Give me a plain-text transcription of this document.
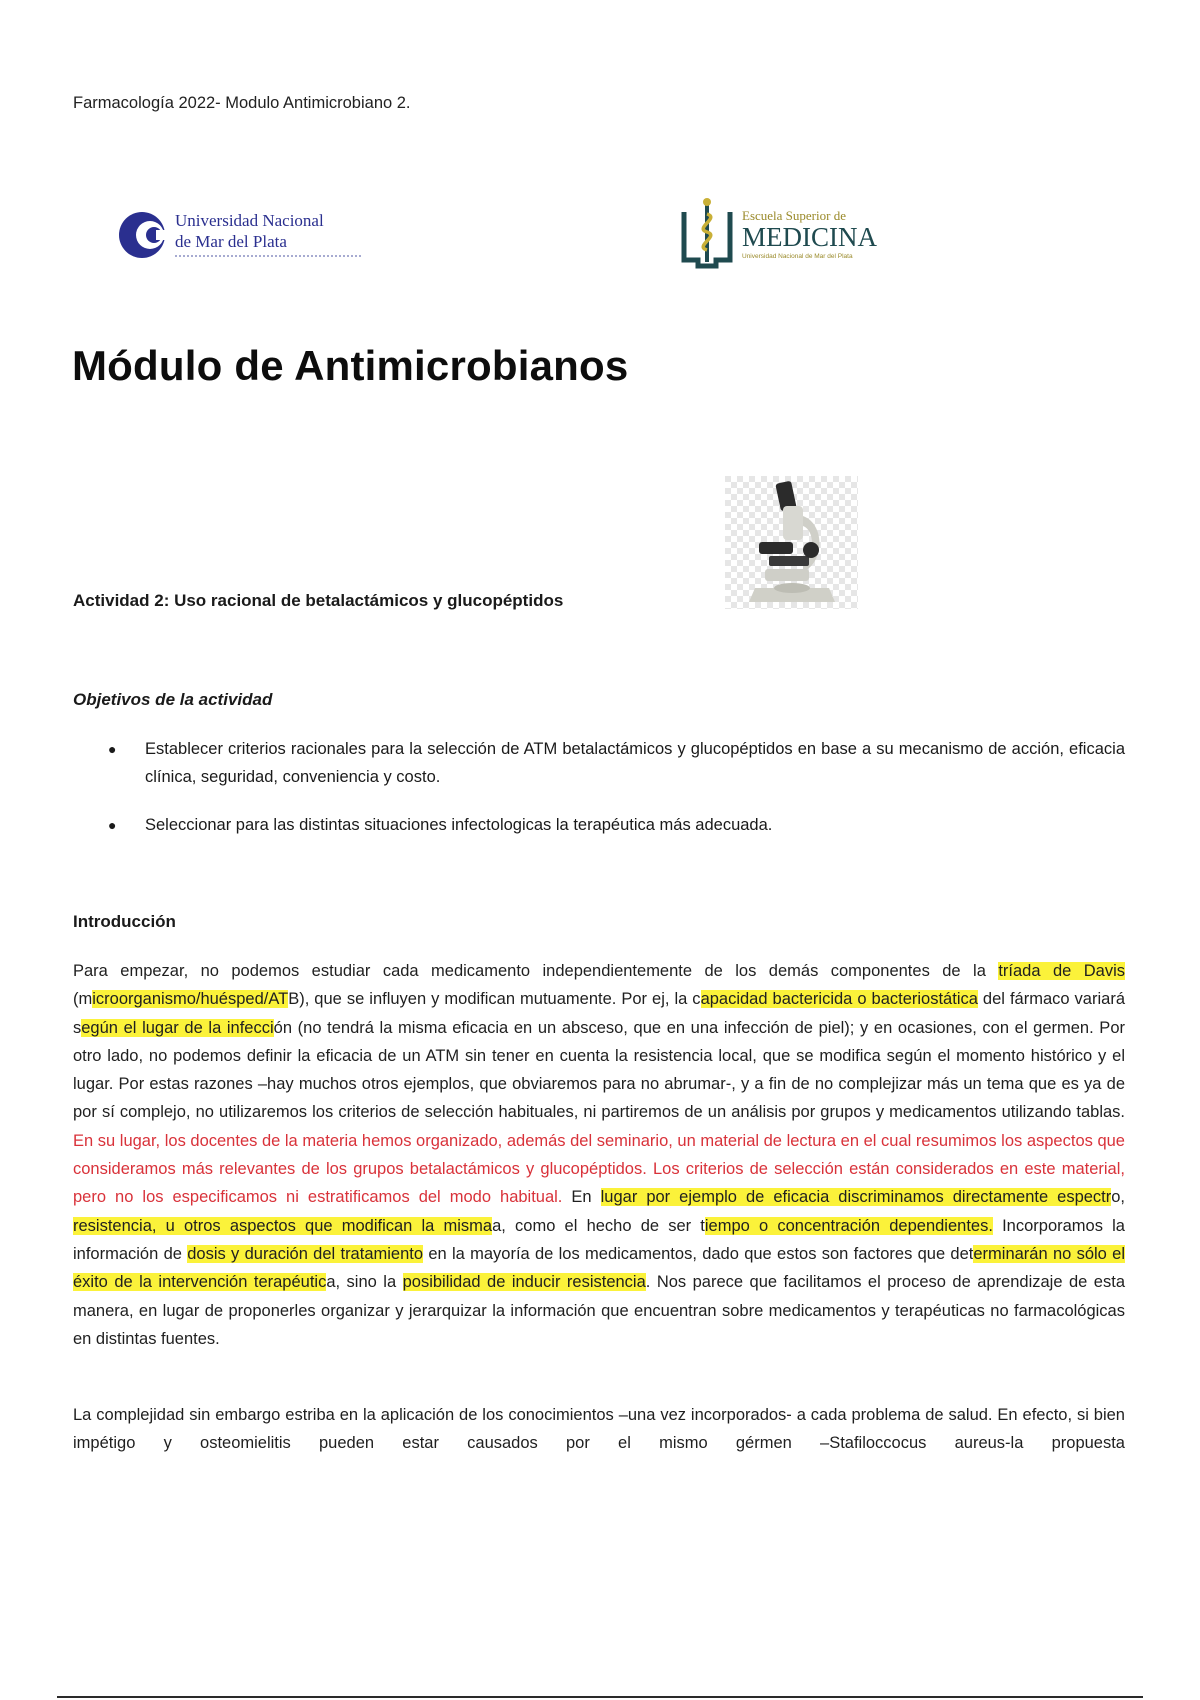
Farmacología 2022- Modulo Antimicrobiano 2.
Universidad Nacional
de Mar del Plata
Escuela Superior de
MEDICINA
Universidad Nacional de Mar del Plata
Módulo de Antimicrobianos
Actividad 2: Uso racional de betalactámicos y glucopéptidos
Objetivos de la actividad
● Establecer criterios racionales para la selección de ATM betalactámicos y glucopéptidos en base a su mecanismo de acción, eficacia clínica, seguridad, conveniencia y costo.
● Seleccionar para las distintas situaciones infectologicas la terapéutica más adecuada.
Introducción

Para empezar, no podemos estudiar cada medicamento independientemente de los demás componentes de la tríada de Davis (microorganismo/huésped/ATB), que se influyen y modifican mutuamente. Por ej, la capacidad bactericida o bacteriostática del fármaco variará según el lugar de la infección (no tendrá la misma eficacia en un absceso, que en una infección de piel); y en ocasiones, con el germen. Por otro lado, no podemos definir la eficacia de un ATM sin tener en cuenta la resistencia local, que se modifica según el momento histórico y el lugar. Por estas razones –hay muchos otros ejemplos, que obviaremos para no abrumar-, y a fin de no complejizar más un tema que es ya de por sí complejo, no utilizaremos los criterios de selección habituales, ni partiremos de un análisis por grupos y medicamentos utilizando tablas. En su lugar, los docentes de la materia hemos organizado, además del seminario, un material de lectura en el cual resumimos los aspectos que consideramos más relevantes de los grupos betalactámicos y glucopéptidos. Los criterios de selección están considerados en este material, pero no los especificamos ni estratificamos del modo habitual. En lugar por ejemplo de eficacia discriminamos directamente espectro, resistencia, u otros aspectos que modifican la mismaa, como el hecho de ser tiempo o concentración dependientes. Incorporamos la información de dosis y duración del tratamiento en la mayoría de los medicamentos, dado que estos son factores que determinarán no sólo el éxito de la intervención terapéutica, sino la posibilidad de inducir resistencia. Nos parece que facilitamos el proceso de aprendizaje de esta manera, en lugar de proponerles organizar y jerarquizar la información que encuentran sobre medicamentos y terapéuticas no farmacológicas en distintas fuentes.

La complejidad sin embargo estriba en la aplicación de los conocimientos –una vez incorporados- a cada problema de salud. En efecto, si bien impétigo y osteomielitis pueden estar causados por el mismo gérmen –Stafiloccocus aureus-la propuesta
